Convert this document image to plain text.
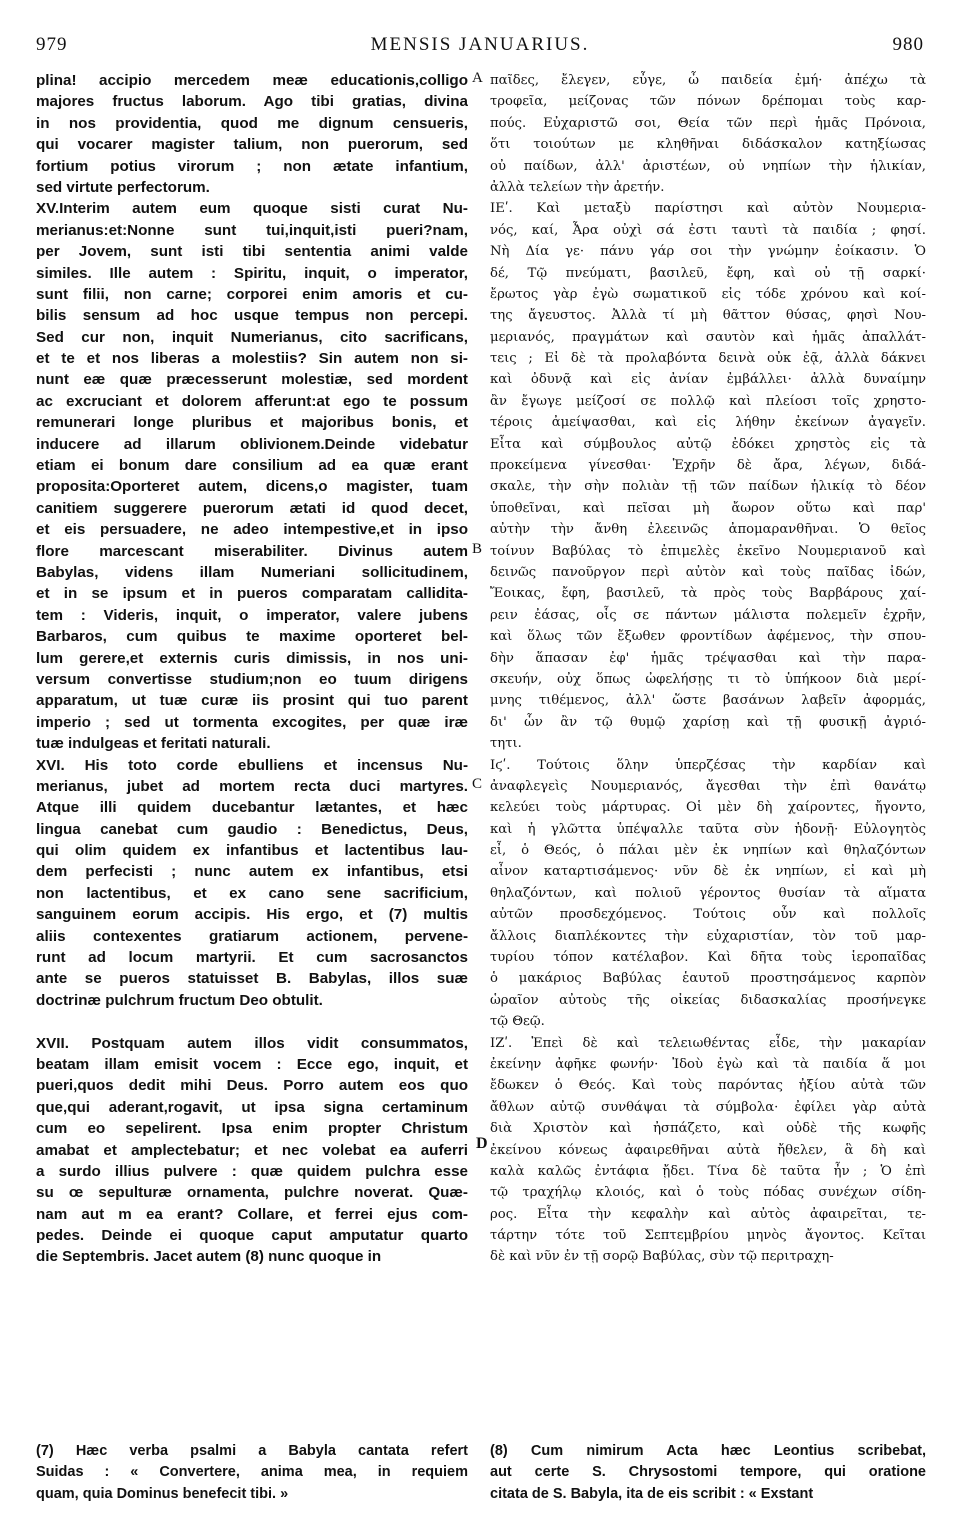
979	MENSIS JANUARIUS.	980
plina! accipio mercedem meæ educationis,colligo
majores fructus laborum. Ago tibi gratias, divina
in nos providentia, quod me dignum censueris,
qui vocarer magister talium, non puerorum, sed
fortium potius virorum ; non ætate infantium,
sed virtute perfectorum.
XV.Interim autem eum quoque sisti curat Nu-
merianus:et:Nonne sunt tui,inquit,isti pueri?nam,
per Jovem, sunt isti tibi sententia animi valde
similes. Ille autem : Spiritu, inquit, o imperator,
sunt filii, non carne; corporei enim amoris et cu-
bilis sensum ad hoc usque tempus non percepi.
Sed cur non, inquit Numerianus, cito sacrificans,
et te et nos liberas a molestiis? Sin autem non si-
nunt eæ quæ præcesserunt molestiæ, sed mordent
ac excruciant et dolorem afferunt:at ego te possum
remunerari longe pluribus et majoribus bonis, et
inducere ad illarum oblivionem.Deinde videbatur
etiam ei bonum dare consilium ad ea quæ erant
proposita:Oporteret autem, dicens,o magister, tuam
canitiem suggerere puerorum ætati id quod decet,
et eis persuadere, ne adeo intempestive,et in ipso
flore marcescant miserabiliter. Divinus autem
Babylas, videns illam Numeriani sollicitudinem,
et in se ipsum et in pueros comparatam callidita-
tem : Videris, inquit, o imperator, valere jubens
Barbaros, cum quibus te maxime oporteret bel-
lum gerere,et externis curis dimissis, in nos uni-
versum convertisse studium;non eo tuum dirigens
apparatum, ut tuæ curæ iis prosint qui tuo parent
imperio ; sed ut tormenta excogites, per quæ iræ
tuæ indulgeas et feritati naturali.
XVI. His toto corde ebulliens et incensus Nu-
merianus, jubet ad mortem recta duci martyres.
Atque illi quidem ducebantur lætantes, et hæc
lingua canebat cum gaudio : Benedictus, Deus,
qui olim quidem ex infantibus et lactentibus lau-
dem perfecisti ; nunc autem ex infantibus, etsi
non lactentibus, et ex cano sene sacrificium,
sanguinem eorum accipis. His ergo, et (7) multis
aliis contexentes gratiarum actionem, pervene-
runt ad locum martyrii. Et cum sacrosanctos
ante se pueros statuisset B. Babylas, illos suæ
doctrinæ pulchrum fructum Deo obtulit.
XVII. Postquam autem illos vidit consummatos,
beatam illam emisit vocem : Ecce ego, inquit, et
pueri,quos dedit mihi Deus. Porro autem eos quo
que,qui aderant,rogavit, ut ipsa signa certaminum
cum eo sepelirent. Ipsa enim propter Christum
amabat et amplectebatur; et nec volebat ea auferri
a surdo illius pulvere : quæ quidem pulchra esse
su œ sepulturæ ornamenta, pulchre noverat. Quæ-
nam aut m ea erant? Collare, et ferrei ejus com-
pedes. Deinde ei quoque caput amputatur quarto
die Septembris. Jacet autem (8) nunc quoque in
παῖδες, ἔλεγεν, εὖγε, ὦ παιδεία ἐμή· ἀπέχω τὰ
τροφεῖα, μείζονας τῶν πόνων δρέπομαι τοὺς καρ-
πούς. Εὐχαριστῶ σοι, Θεία τῶν περὶ ἡμᾶς Πρόνοια,
ὅτι τοιούτων με κληθῆναι διδάσκαλον κατηξίωσας
οὐ παίδων, ἀλλ' ἀριστέων, οὐ νηπίων τὴν ἡλικίαν,
ἀλλὰ τελείων τὴν ἀρετήν.
ΙΕʹ. Καὶ μεταξὺ παρίστησι καὶ αὐτὸν Νουμερια-
νός, καί, Ἆρα οὐχὶ σά ἐστι ταυτὶ τὰ παιδία ; φησί.
Νὴ Δία γε· πάνυ γάρ σοι τὴν γνώμην ἐοίκασιν. Ὁ
δέ, Τῷ πνεύματι, βασιλεῦ, ἔφη, καὶ οὐ τῇ σαρκί·
ἔρωτος γὰρ ἐγὼ σωματικοῦ εἰς τόδε χρόνου καὶ κοί-
της ἄγευστος. Ἀλλὰ τί μὴ θᾶττον θύσας, φησὶ Νου-
μεριανός, πραγμάτων καὶ σαυτὸν καὶ ἡμᾶς ἀπαλλάτ-
τεις ; Εἰ δὲ τὰ προλαβόντα δεινὰ οὐκ ἐᾷ, ἀλλὰ δάκνει
καὶ ὀδυνᾷ καὶ εἰς ἀνίαν ἐμβάλλει· ἀλλὰ δυναίμην
ἂν ἔγωγε μείζοσί σε πολλῷ καὶ πλείοσι τοῖς χρηστο-
τέροις ἀμείψασθαι, καὶ εἰς λήθην ἐκείνων ἀγαγεῖν.
Εἶτα καὶ σύμβουλος αὐτῷ ἐδόκει χρηστὸς εἰς τὰ
προκείμενα γίνεσθαι· Ἐχρῆν δὲ ἄρα, λέγων, διδά-
σκαλε, τὴν σὴν πολιὰν τῇ τῶν παίδων ἡλικίᾳ τὸ δέον
ὑποθεῖναι, καὶ πεῖσαι μὴ ἄωρον οὕτω καὶ παρ'
αὐτὴν τὴν ἄνθη ἐλεεινῶς ἀπομαρανθῆναι. Ὁ θεῖος
τοίνυν Βαβύλας τὸ ἐπιμελὲς ἐκεῖνο Νουμεριανοῦ καὶ
δεινῶς πανοῦργον περὶ αὐτὸν καὶ τοὺς παῖδας ἰδών,
Ἔοικας, ἔφη, βασιλεῦ, τὰ πρὸς τοὺς Βαρβάρους χαί-
ρειν ἐάσας, οἷς σε πάντων μάλιστα πολεμεῖν ἐχρῆν,
καὶ ὅλως τῶν ἔξωθεν φροντίδων ἀφέμενος, τὴν σπου-
δὴν ἅπασαν ἐφ' ἡμᾶς τρέψασθαι καὶ τὴν παρα-
σκευήν, οὐχ ὅπως ὠφελήσῃς τι τὸ ὑπήκοον διὰ μερί-
μνης τιθέμενος, ἀλλ' ὥστε βασάνων λαβεῖν ἀφορμάς,
δι' ὧν ἂν τῷ θυμῷ χαρίσῃ καὶ τῇ φυσικῇ ἀγριό-
τητι.
Ιϛʹ. Τούτοις ὅλην ὑπερζέσας τὴν καρδίαν καὶ
ἀναφλεγεὶς Νουμεριανός, ἄγεσθαι τὴν ἐπὶ θανάτῳ
κελεύει τοὺς μάρτυρας. Οἱ μὲν δὴ χαίροντες, ἤγοντο,
καὶ ἡ γλῶττα ὑπέψαλλε ταῦτα σὺν ἡδονῇ· Εὐλογητὸς
εἶ, ὁ Θεός, ὁ πάλαι μὲν ἐκ νηπίων καὶ θηλαζόντων
αἶνον καταρτισάμενος· νῦν δὲ ἐκ νηπίων, εἰ καὶ μὴ
θηλαζόντων, καὶ πολιοῦ γέροντος θυσίαν τὰ αἵματα
αὐτῶν προσδεχόμενος. Τούτοις οὖν καὶ πολλοῖς
ἄλλοις διαπλέκοντες τὴν εὐχαριστίαν, τὸν τοῦ μαρ-
τυρίου τόπον κατέλαβον. Καὶ δῆτα τοὺς ἱεροπαῖδας
ὁ μακάριος Βαβύλας ἑαυτοῦ προστησάμενος καρπὸν
ὡραῖον αὐτοὺς τῆς οἰκείας διδασκαλίας προσήνεγκε
τῷ Θεῷ.
ΙΖʹ. Ἐπεὶ δὲ καὶ τελειωθέντας εἶδε, τὴν μακαρίαν
ἐκείνην ἀφῆκε φωνήν· Ἰδοὺ ἐγὼ καὶ τὰ παιδία ἅ μοι
ἔδωκεν ὁ Θεός. Καὶ τοὺς παρόντας ἠξίου αὐτὰ τῶν
ἄθλων αὐτῷ συνθάψαι τὰ σύμβολα· ἐφίλει γὰρ αὐτὰ
διὰ Χριστὸν καὶ ἠσπάζετο, καὶ οὐδὲ τῆς κωφῆς
ἐκείνου κόνεως ἀφαιρεθῆναι αὐτὰ ἤθελεν, ἃ δὴ καὶ
καλὰ καλῶς ἐντάφια ᾔδει. Τίνα δὲ ταῦτα ἦν ; Ὁ ἐπὶ
τῷ τραχήλῳ κλοιός, καὶ ὁ τοὺς πόδας συνέχων σίδη-
ρος. Εἶτα τὴν κεφαλὴν καὶ αὐτὸς ἀφαιρεῖται, τε-
τάρτην τότε τοῦ Σεπτεμβρίου μηνὸς ἄγοντος. Κεῖται
δὲ καὶ νῦν ἐν τῇ σορῷ Βαβύλας, σὺν τῷ περιτραχη-
A
B
C
D
(7) Hæc verba psalmi a Babyla cantata refert
Suidas : « Convertere, anima mea, in requiem
quam, quia Dominus benefecit tibi. »
(8) Cum nimirum Acta hæc Leontius scribebat,
aut certe S. Chrysostomi tempore, qui oratione
citata de S. Babyla, ita de eis scribit : « Exstant
